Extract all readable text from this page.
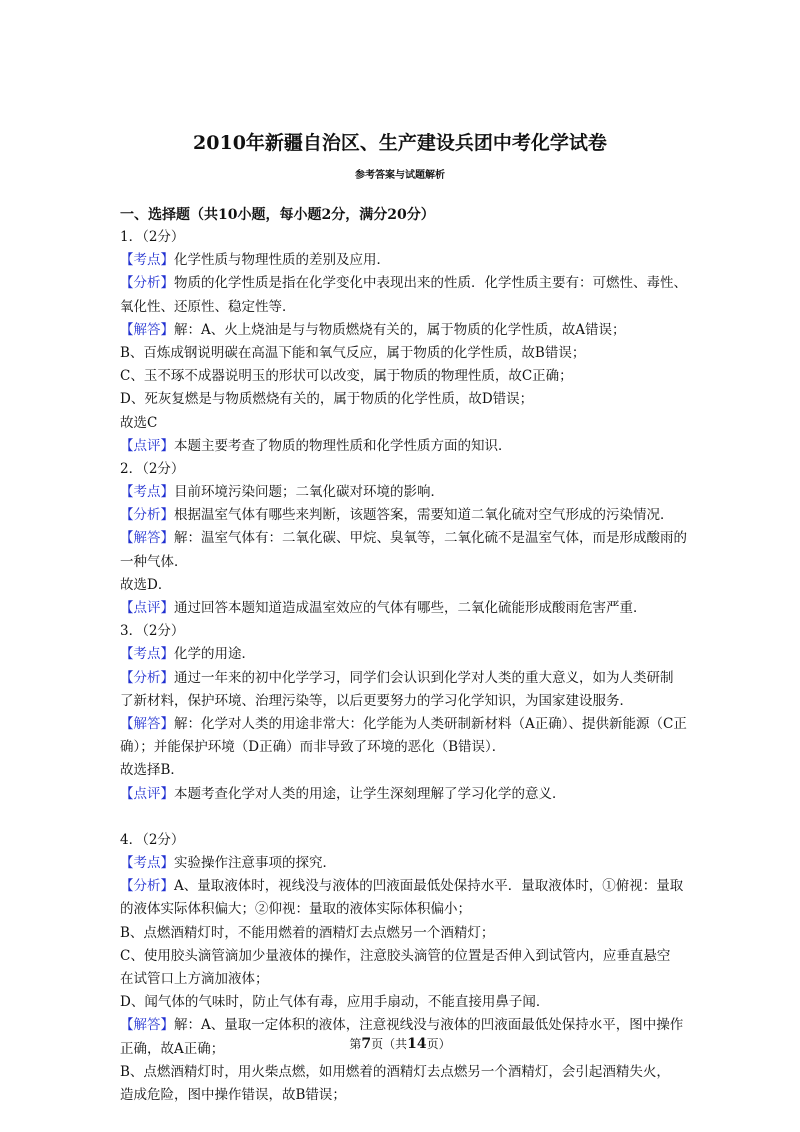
2010年新疆自治区、生产建设兵团中考化学试卷
参考答案与试题解析
一、选择题（共10小题，每小题2分，满分20分）
1．（2分）
【考点】化学性质与物理性质的差别及应用．
【分析】物质的化学性质是指在化学变化中表现出来的性质．化学性质主要有：可燃性、毒性、
氧化性、还原性、稳定性等．
【解答】解：A、火上烧油是与与物质燃烧有关的，属于物质的化学性质，故A错误；
B、百炼成钢说明碳在高温下能和氧气反应，属于物质的化学性质，故B错误；
C、玉不琢不成器说明玉的形状可以改变，属于物质的物理性质，故C正确；
D、死灰复燃是与物质燃烧有关的，属于物质的化学性质，故D错误；
故选C
【点评】本题主要考查了物质的物理性质和化学性质方面的知识．
2．（2分）
【考点】目前环境污染问题；二氧化碳对环境的影响．
【分析】根据温室气体有哪些来判断，该题答案，需要知道二氧化硫对空气形成的污染情况．
【解答】解：温室气体有：二氧化碳、甲烷、臭氧等，二氧化硫不是温室气体，而是形成酸雨的
一种气体．
故选D．
【点评】通过回答本题知道造成温室效应的气体有哪些，二氧化硫能形成酸雨危害严重．
3．（2分）
【考点】化学的用途．
【分析】通过一年来的初中化学学习，同学们会认识到化学对人类的重大意义，如为人类研制
了新材料，保护环境、治理污染等，以后更要努力的学习化学知识，为国家建设服务．
【解答】解：化学对人类的用途非常大：化学能为人类研制新材料（A正确）、提供新能源（C正
确）；并能保护环境（D正确）而非导致了环境的恶化（B错误）．
故选择B．
【点评】本题考查化学对人类的用途，让学生深刻理解了学习化学的意义．
4．（2分）
【考点】实验操作注意事项的探究．
【分析】A、量取液体时，视线没与液体的凹液面最低处保持水平．量取液体时，①俯视：量取
的液体实际体积偏大；②仰视：量取的液体实际体积偏小；
B、点燃酒精灯时，不能用燃着的酒精灯去点燃另一个酒精灯；
C、使用胶头滴管滴加少量液体的操作，注意胶头滴管的位置是否伸入到试管内，应垂直悬空
在试管口上方滴加液体；
D、闻气体的气味时，防止气体有毒，应用手扇动，不能直接用鼻子闻．
【解答】解：A、量取一定体积的液体，注意视线没与液体的凹液面最低处保持水平，图中操作
正确，故A正确；
B、点燃酒精灯时，用火柴点燃，如用燃着的酒精灯去点燃另一个酒精灯，会引起酒精失火，
造成危险，图中操作错误，故B错误；
第7页（共14页）
